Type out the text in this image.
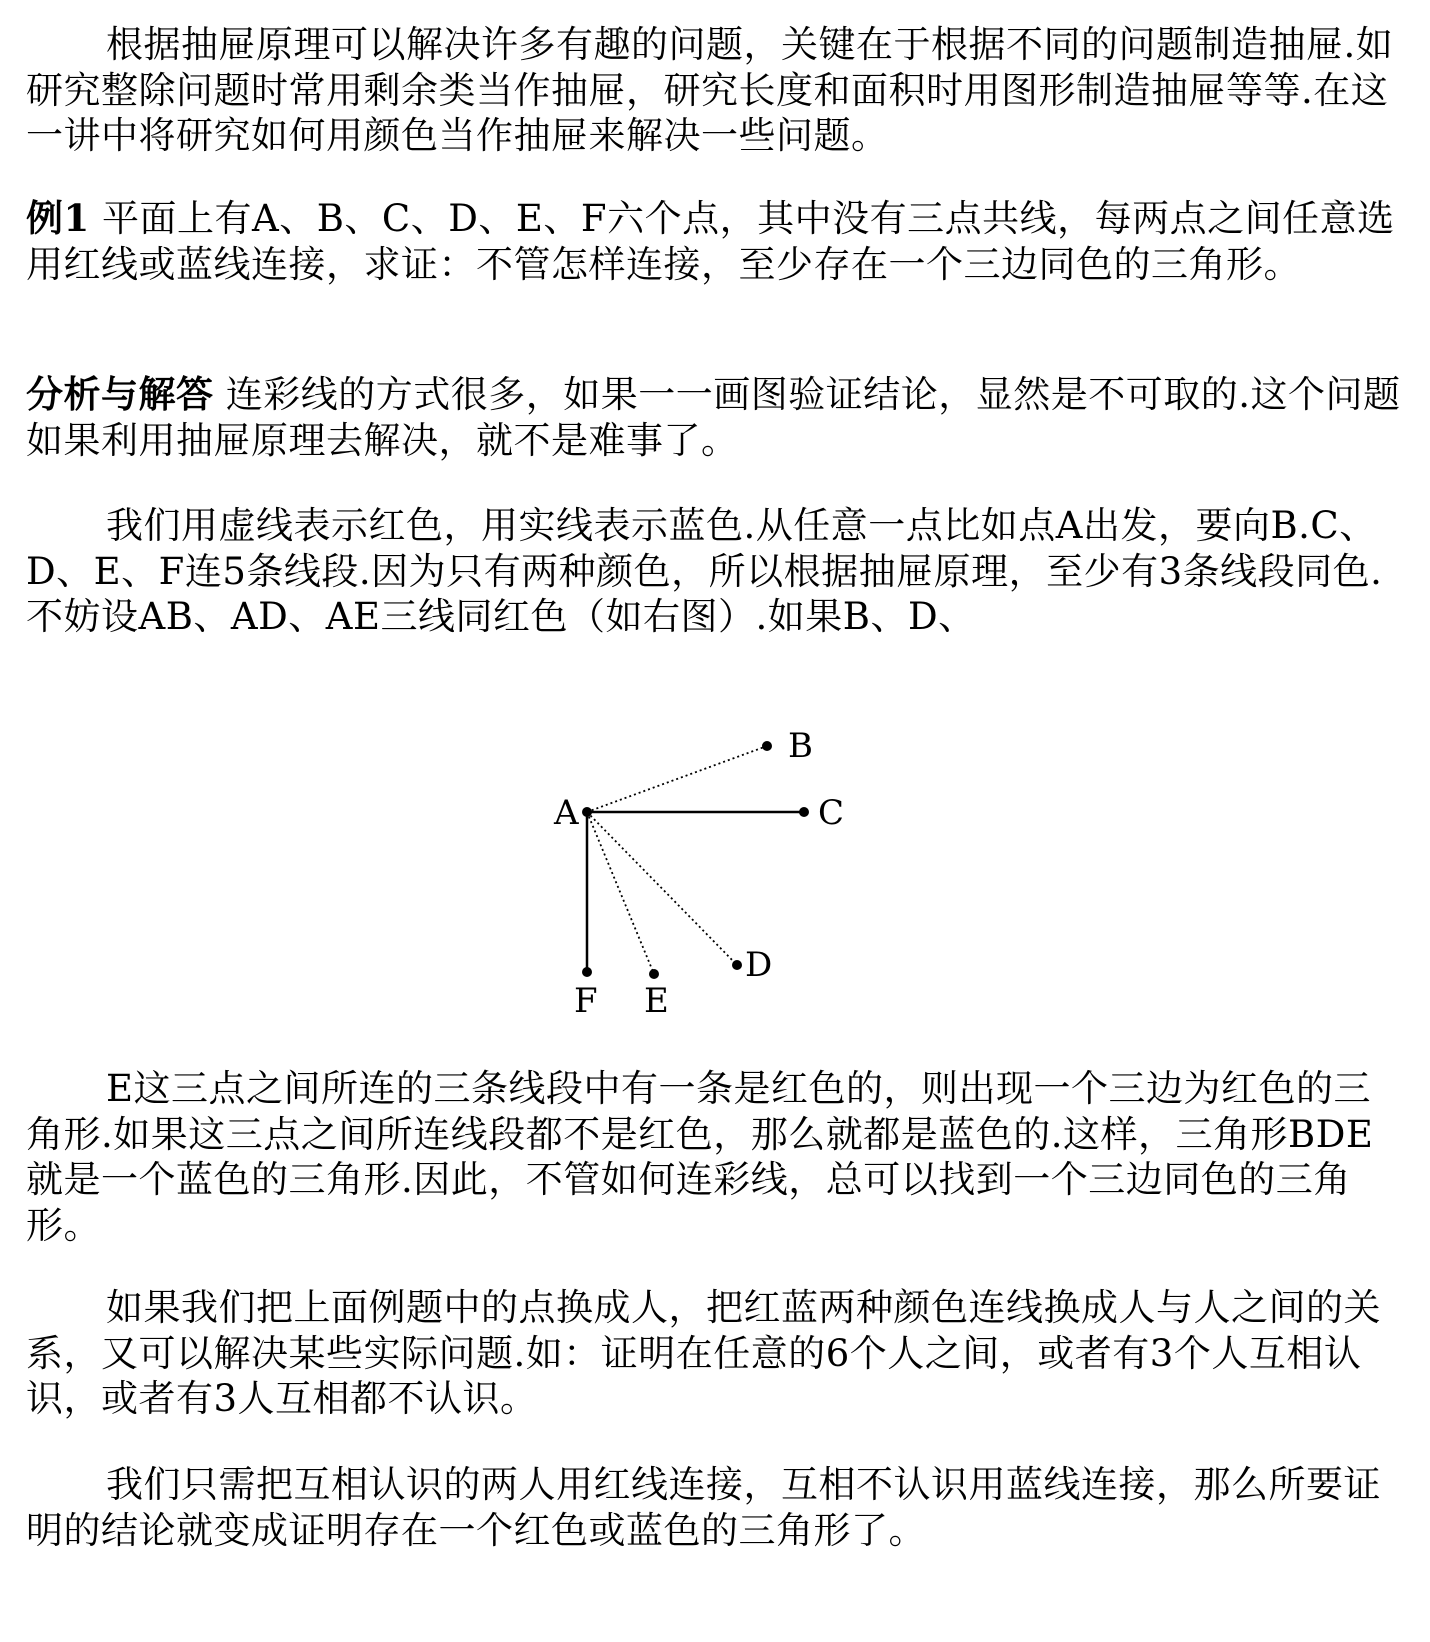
根据抽屉原理可以解决许多有趣的问题，关键在于根据不同的问题制造抽屉.如研究整除问题时常用剩余类当作抽屉，研究长度和面积时用图形制造抽屉等等.在这一讲中将研究如何用颜色当作抽屉来解决一些问题。

例1 平面上有A、B、C、D、E、F六个点，其中没有三点共线，每两点之间任意选用红线或蓝线连接，求证：不管怎样连接，至少存在一个三边同色的三角形。

分析与解答 连彩线的方式很多，如果一一画图验证结论，显然是不可取的.这个问题如果利用抽屉原理去解决，就不是难事了。

我们用虚线表示红色，用实线表示蓝色.从任意一点比如点A出发，要向B.C、D、E、F连5条线段.因为只有两种颜色，所以根据抽屉原理，至少有3条线段同色.不妨设AB、AD、AE三线同红色（如右图）.如果B、D、

A
B
C
D
E
F

E这三点之间所连的三条线段中有一条是红色的，则出现一个三边为红色的三角形.如果这三点之间所连线段都不是红色，那么就都是蓝色的.这样，三角形BDE就是一个蓝色的三角形.因此，不管如何连彩线，总可以找到一个三边同色的三角形。

如果我们把上面例题中的点换成人，把红蓝两种颜色连线换成人与人之间的关系，又可以解决某些实际问题.如：证明在任意的6个人之间，或者有3个人互相认识，或者有3人互相都不认识。

我们只需把互相认识的两人用红线连接，互相不认识用蓝线连接，那么所要证明的结论就变成证明存在一个红色或蓝色的三角形了。
